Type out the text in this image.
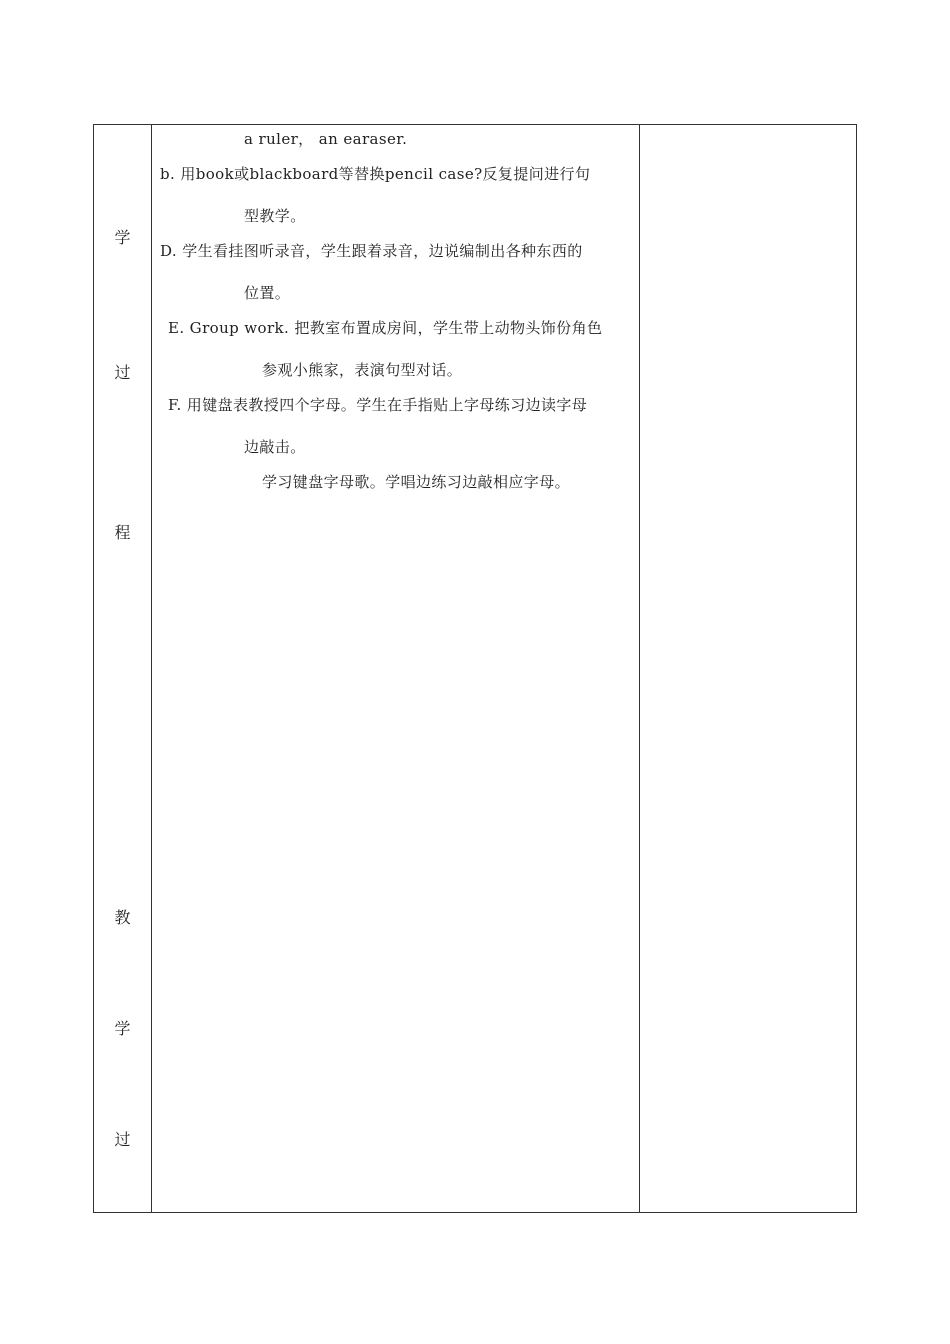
学
过
程
教
学
过
a ruler， an earaser.
b. 用book或blackboard等替换pencil case?反复提问进行句
型教学。
D. 学生看挂图听录音，学生跟着录音，边说编制出各种东西的
位置。
E. Group work. 把教室布置成房间，学生带上动物头饰份角色
参观小熊家，表演句型对话。
F. 用键盘表教授四个字母。学生在手指贴上字母练习边读字母
边敲击。
学习键盘字母歌。学唱边练习边敲相应字母。
